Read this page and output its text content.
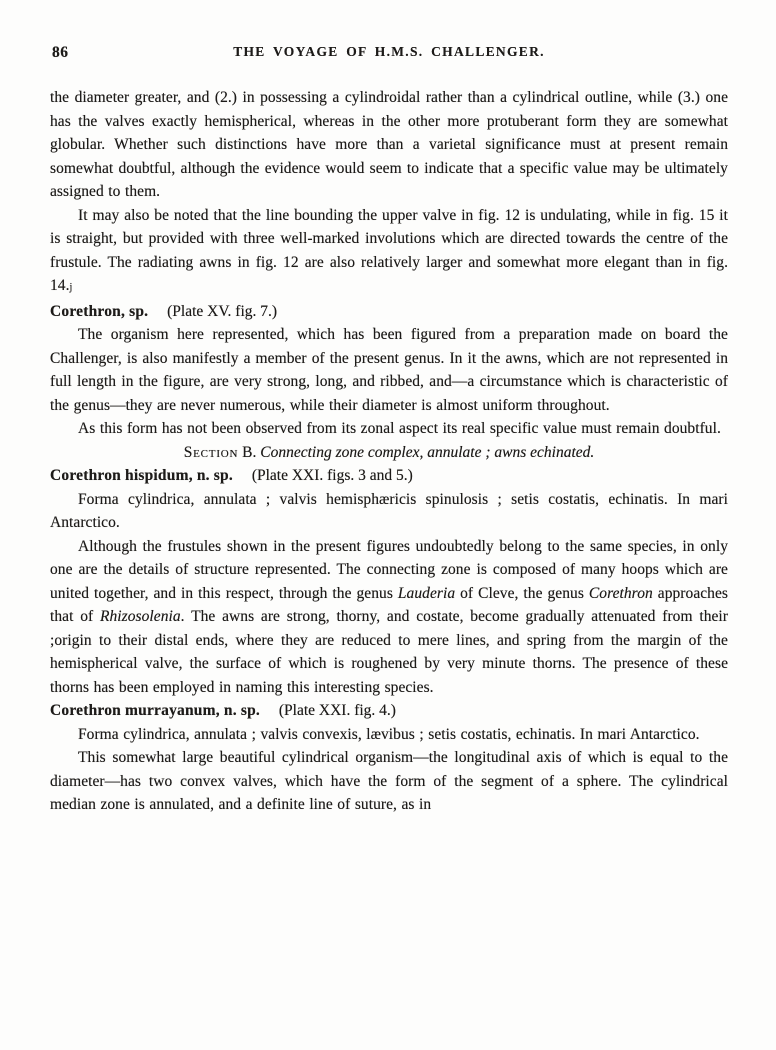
86	THE VOYAGE OF H.M.S. CHALLENGER.

the diameter greater, and (2.) in possessing a cylindroidal rather than a cylindrical outline, while (3.) one has the valves exactly hemispherical, whereas in the other more protuberant form they are somewhat globular. Whether such distinctions have more than a varietal significance must at present remain somewhat doubtful, although the evidence would seem to indicate that a specific value may be ultimately assigned to them.

It may also be noted that the line bounding the upper valve in fig. 12 is undulating, while in fig. 15 it is straight, but provided with three well-marked involutions which are directed towards the centre of the frustule. The radiating awns in fig. 12 are also relatively larger and somewhat more elegant than in fig. 14.j

Corethron, sp. (Plate XV. fig. 7.)

The organism here represented, which has been figured from a preparation made on board the Challenger, is also manifestly a member of the present genus. In it the awns, which are not represented in full length in the figure, are very strong, long, and ribbed, and—a circumstance which is characteristic of the genus—they are never numerous, while their diameter is almost uniform throughout.

As this form has not been observed from its zonal aspect its real specific value must remain doubtful.

Section B. Connecting zone complex, annulate ; awns echinated.

Corethron hispidum, n. sp. (Plate XXI. figs. 3 and 5.)

Forma cylindrica, annulata ; valvis hemisphæricis spinulosis ; setis costatis, echinatis. In mari Antarctico.

Although the frustules shown in the present figures undoubtedly belong to the same species, in only one are the details of structure represented. The connecting zone is composed of many hoops which are united together, and in this respect, through the genus Lauderia of Cleve, the genus Corethron approaches that of Rhizosolenia. The awns are strong, thorny, and costate, become gradually attenuated from their ;origin to their distal ends, where they are reduced to mere lines, and spring from the margin of the hemispherical valve, the surface of which is roughened by very minute thorns. The presence of these thorns has been employed in naming this interesting species.

Corethron murrayanum, n. sp. (Plate XXI. fig. 4.)

Forma cylindrica, annulata ; valvis convexis, lævibus ; setis costatis, echinatis. In mari Antarctico.

This somewhat large beautiful cylindrical organism—the longitudinal axis of which is equal to the diameter—has two convex valves, which have the form of the segment of a sphere. The cylindrical median zone is annulated, and a definite line of suture, as in
